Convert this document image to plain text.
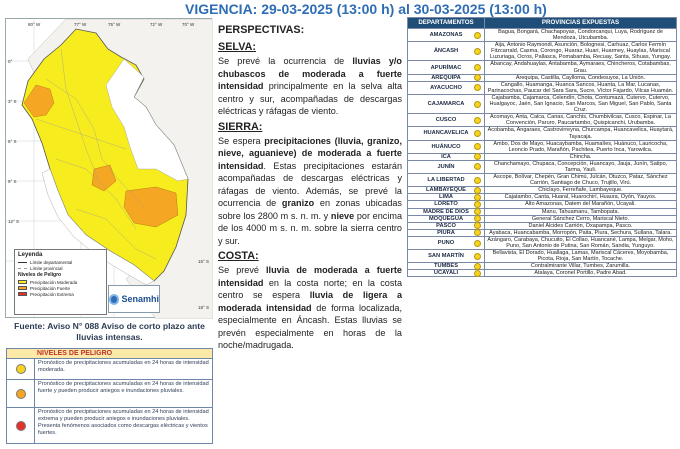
VIGENCIA: 29-03-2025 (13:00 h) al 30-03-2025 (13:00 h)
80° W	77° W	75° W	72° W	70° W
0°
3° S
6° S
9° S
12° S
15° S
18° S
Leyenda
Límite departamental
Límite provincial
Niveles de Peligro
Precipitación Moderada
Precipitación Fuerte
Precipitación Extrema	Senamhi
Fuente: Aviso N° 088 Aviso de corto plazo ante lluvias intensas.
NIVELES DE PELIGRO
Pronóstico de precipitaciones acumuladas en 24 horas de intensidad moderada.
Pronóstico de precipitaciones acumuladas en 24 horas de intensidad fuerte y pueden producir aniegos e inundaciones pluviales.
Pronóstico de precipitaciones acumuladas en 24 horas de intensidad extrema y pueden producir aniegos e inundaciones pluviales. Presenta fenómenos asociados como descargas eléctricas y vientos fuertes.
PERSPECTIVAS:
SELVA:

Se prevé la ocurrencia de lluvias y/o chubascos de moderada a fuerte intensidad principalmente en la selva alta centro y sur, acompañadas de descargas eléctricas y ráfagas de viento.

SIERRA:

Se espera precipitaciones (lluvia, granizo, nieve, aguanieve) de moderada a fuerte intensidad. Estas precipitaciones estarán acompañadas de descargas eléctricas y ráfagas de viento. Además, se prevé la ocurrencia de granizo en zonas ubicadas sobre los 2800 m s. n. m. y nieve por encima de los 4000 m s. n. m. sobre la sierra centro y sur.

COSTA:

Se prevé lluvia de moderada a fuerte intensidad en la costa norte; en la costa centro se espera lluvia de ligera a moderada intensidad de forma localizada, especialmente en Áncash. Estas lluvias se prevén especialmente en horas de la noche/madrugada.

DEPARTAMENTOS	PROVINCIAS EXPUESTAS
AMAZONAS	Bagua, Bongará, Chachapoyas, Condorcanqui, Luya, Rodríguez de Mendoza, Utcubamba.
ÁNCASH	Aija, Antonio Raymondi, Asunción, Bolognesi, Carhuaz, Carlos Fermín Fitzcarrald, Casma, Corongo, Huaraz, Huari, Huarmey, Huaylas, Mariscal Luzuriaga, Ocros, Pallasca, Pomabamba, Recuay, Santa, Sihuas, Yungay.
APURÍMAC	Abancay, Andahuaylas, Antabamba, Aymaraes, Chincheros, Cotabambas, Grau.
AREQUIPA	Arequipa, Castilla, Caylloma, Condesuyos, La Unión.
AYACUCHO	Cangallo, Huamanga, Huanca Sancos, Huanta, La Mar, Lucanas, Parinacochas, Paucar del Sara Sara, Sucre, Víctor Fajardo, Vilcas Huamán.
CAJAMARCA	Cajabamba, Cajamarca, Celendín, Chota, Contumazá, Cutervo, Cutervo, Hualgayoc, Jaén, San Ignacio, San Marcos, San Miguel, San Pablo, Santa Cruz.
CUSCO	Acomayo, Anta, Calca, Canas, Canchis, Chumbivilcas, Cusco, Espinar, La Convención, Paruro, Paucartambo, Quispicanchi, Urubamba.
HUANCAVELICA	Acobamba, Angaraes, Castrovirreyna, Churcampa, Huancavelica, Huaytará, Tayacaja.
HUÁNUCO	Ambo, Dos de Mayo, Huacaybamba, Huamalíes, Huánuco, Lauricocha, Leoncio Prado, Marañón, Pachitea, Puerto Inca, Yarowilca.
ICA	Chincha.
JUNÍN	Chanchamayo, Chupaca, Concepción, Huancayo, Jauja, Junín, Satipo, Tarma, Yauli.
LA LIBERTAD	Ascope, Bolívar, Chepén, Gran Chimú, Julcán, Otuzco, Pataz, Sánchez Carrión, Santiago de Chuco, Trujillo, Virú.
LAMBAYEQUE	Chiclayo, Ferreñafe, Lambayeque.
LIMA	Cajatambo, Canta, Huaral, Huarochirí, Huaura, Oyón, Yauyos.
LORETO	Alto Amazonas, Datem del Marañón, Ucayali.
MADRE DE DIOS	Manu, Tahuamanu, Tambopata.
MOQUEGUA	General Sánchez Cerro, Mariscal Nieto.
PASCO	Daniel Alcides Carrión, Oxapampa, Pasco.
PIURA	Ayabaca, Huancabamba, Morropón, Paita, Piura, Sechura, Sullana, Talara.
PUNO	Azángaro, Carabaya, Chucuito, El Collao, Huancané, Lampa, Melgar, Moho, Puno, San Antonio de Putina, San Román, Sandia, Yunguyo.
SAN MARTÍN	Bellavista, El Dorado, Huallaga, Lamas, Mariscal Cáceres, Moyobamba, Picota, Rioja, San Martín, Tocache.
TUMBES	Contralmirante Villar, Tumbes, Zarumilla.
UCAYALI	Atalaya, Coronel Portillo, Padre Abad.
